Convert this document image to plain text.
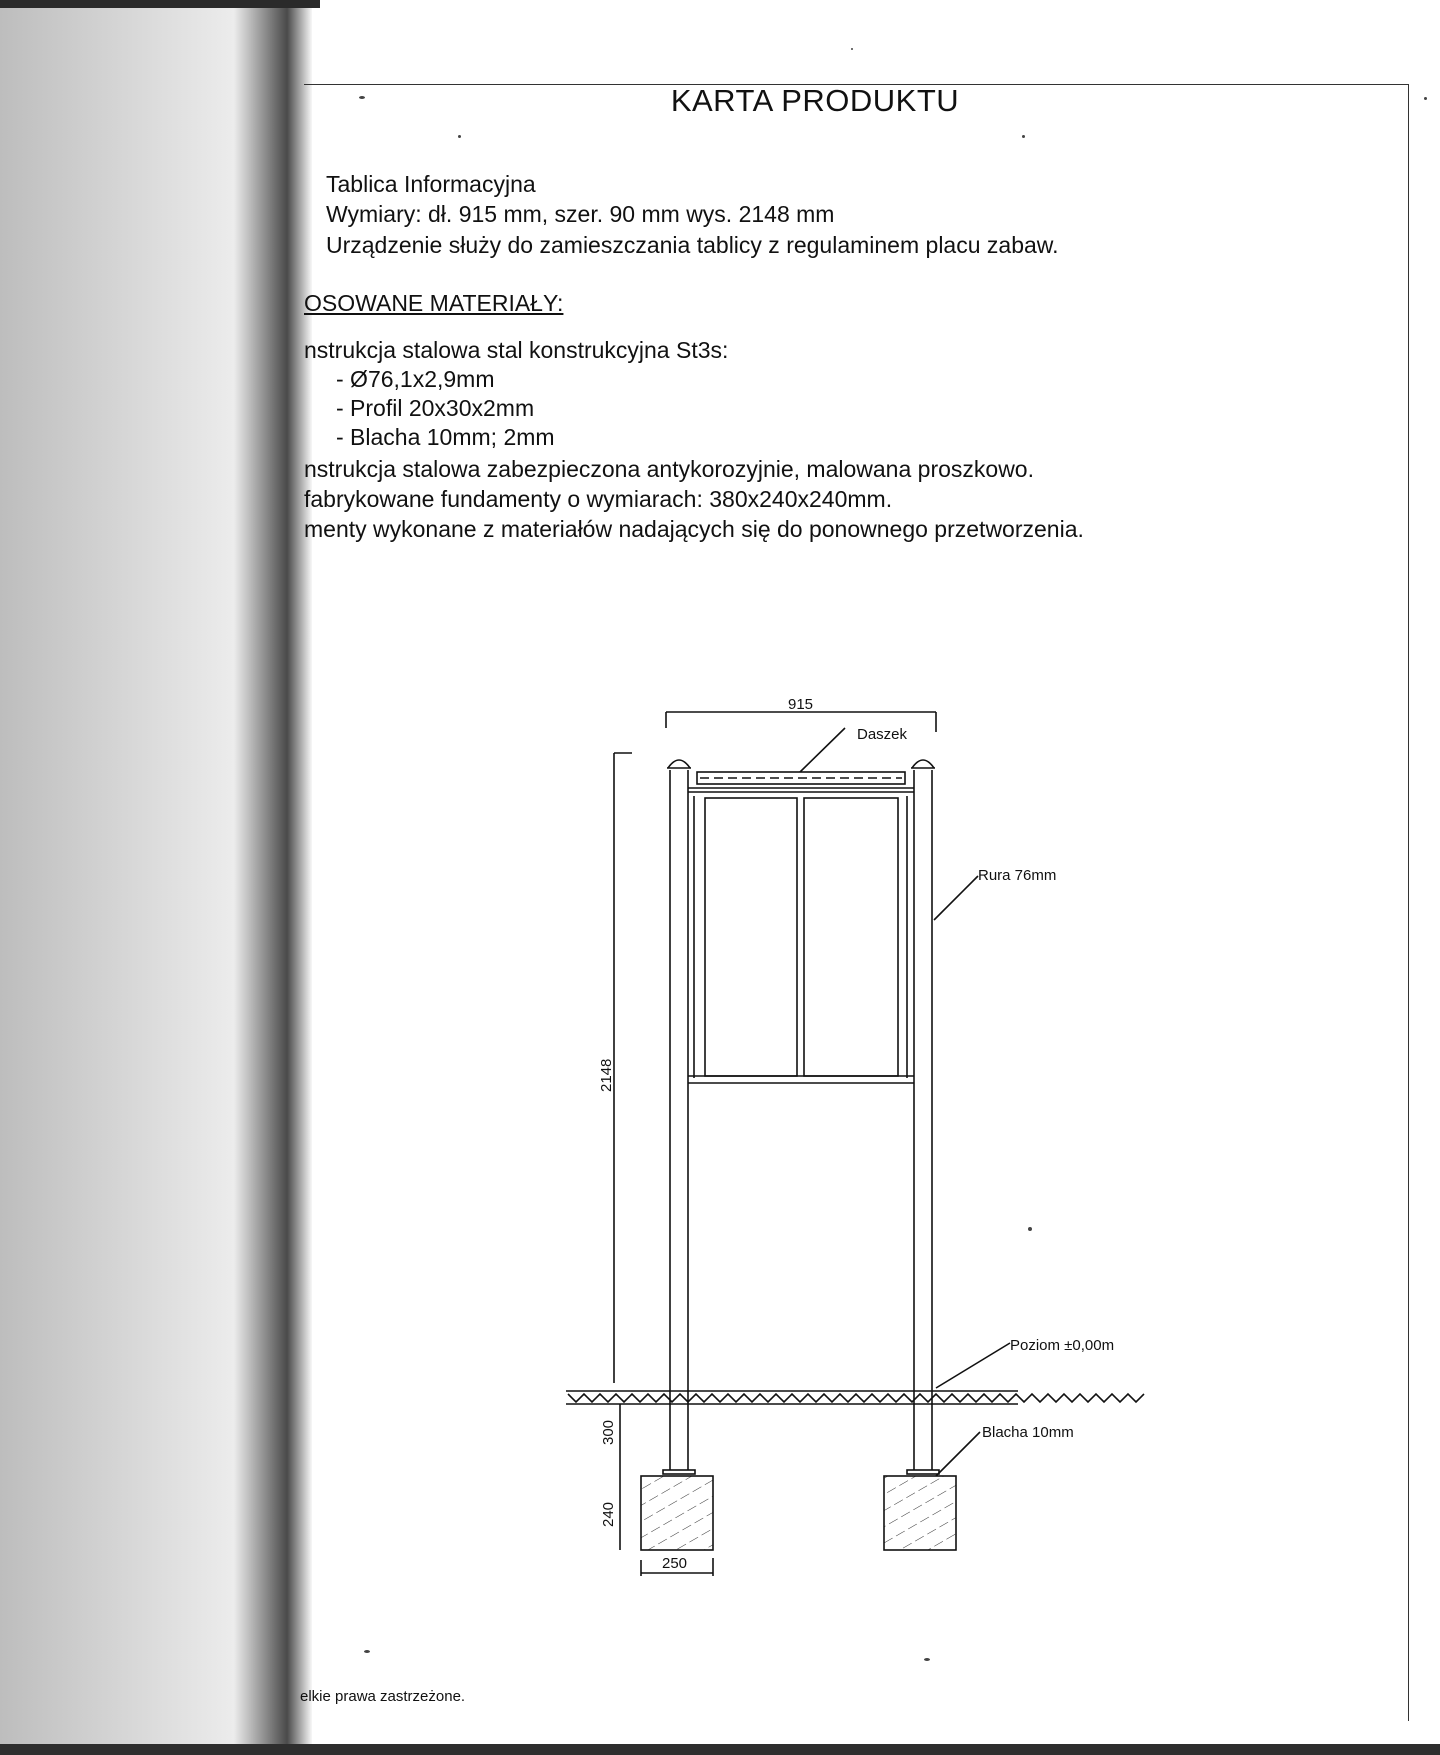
KARTA PRODUKTU
Tablica Informacyjna
Wymiary: dł. 915 mm, szer. 90 mm wys. 2148 mm
Urządzenie służy do zamieszczania tablicy z regulaminem placu zabaw.
OSOWANE MATERIAŁY:
nstrukcja stalowa stal konstrukcyjna St3s:
- Ø76,1x2,9mm
- Profil 20x30x2mm
- Blacha 10mm; 2mm
nstrukcja stalowa zabezpieczona antykorozyjnie, malowana proszkowo.
fabrykowane fundamenty o wymiarach: 380x240x240mm.
menty wykonane z materiałów nadających się do ponownego przetworzenia.
915
Daszek
Rura 76mm
Poziom ±0,00m
Blacha 10mm
250
2148
300
240
elkie prawa zastrzeżone.
